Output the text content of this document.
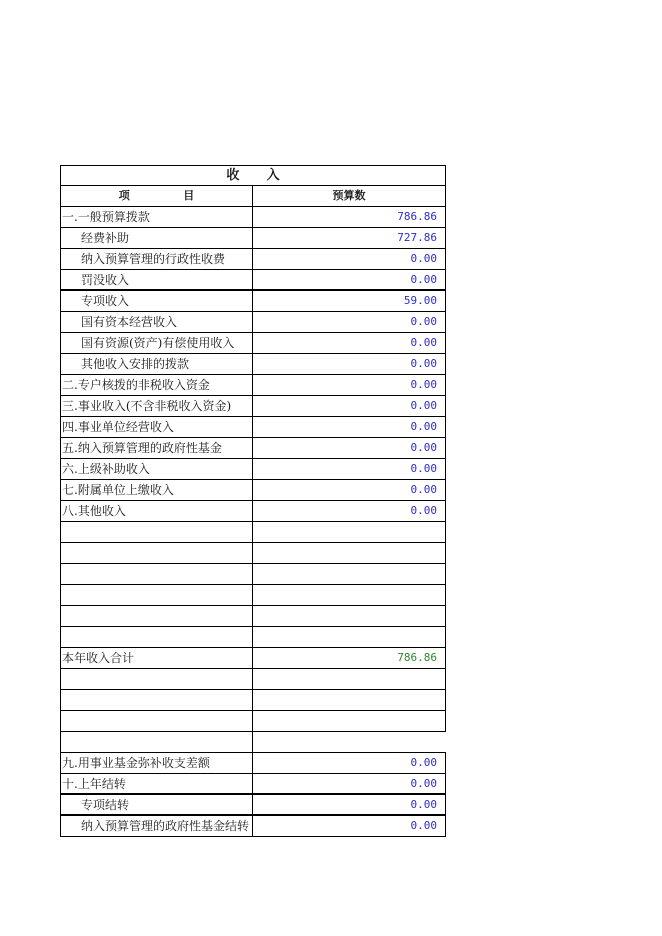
收      入
项              目	预算数
一.一般预算拨款	786.86
经费补助	727.86
纳入预算管理的行政性收费	0.00
罚没收入	0.00
专项收入	59.00
国有资本经营收入	0.00
国有资源(资产)有偿使用收入	0.00
其他收入安排的拨款	0.00
二.专户核拨的非税收入资金	0.00
三.事业收入(不含非税收入资金)	0.00
四.事业单位经营收入	0.00
五.纳入预算管理的政府性基金	0.00
六.上级补助收入	0.00
七.附属单位上缴收入	0.00
八.其他收入	0.00
本年收入合计	786.86
九.用事业基金弥补收支差额	0.00
十.上年结转	0.00
专项结转	0.00
纳入预算管理的政府性基金结转	0.00
